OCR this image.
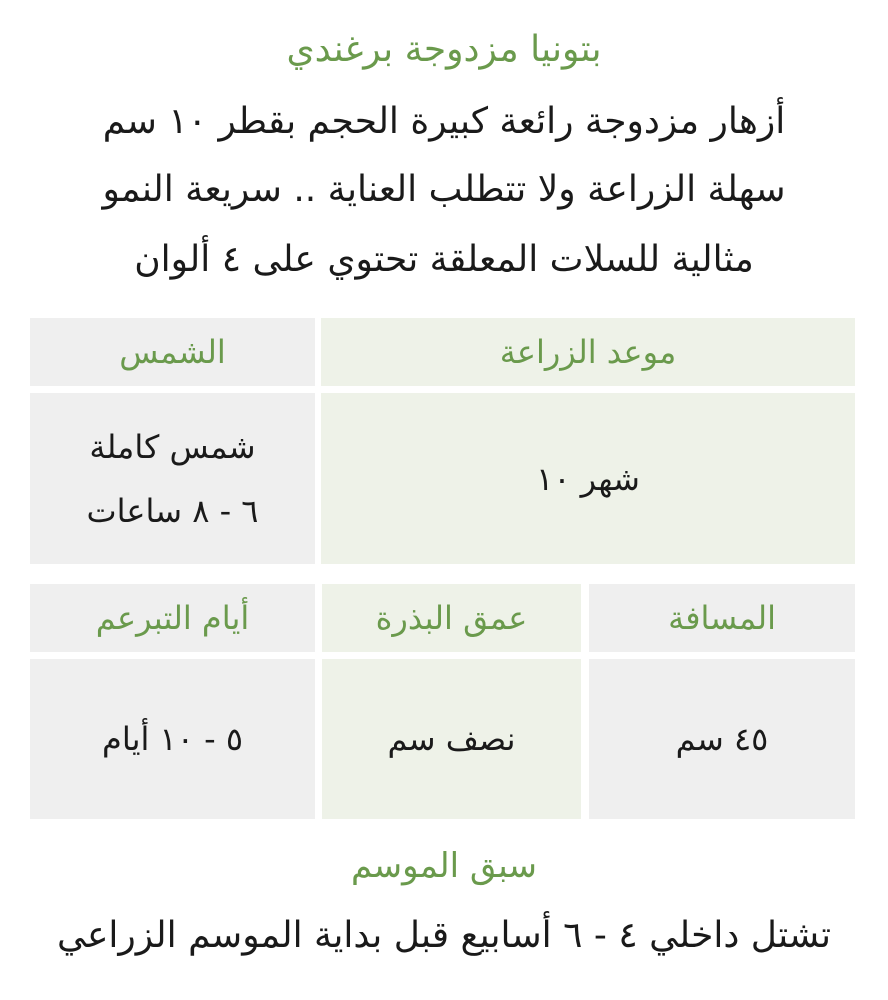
بتونيا مزدوجة برغندي
أزهار مزدوجة رائعة كبيرة الحجم بقطر ١٠ سم
سهلة الزراعة ولا تتطلب العناية .. سريعة النمو
مثالية للسلات المعلقة تحتوي على ٤ ألوان
موعد الزراعة
الشمس
شهر ١٠
شمس كاملة
٦ - ٨ ساعات
المسافة
عمق البذرة
أيام التبرعم
٤٥ سم
نصف سم
٥ - ١٠ أيام
سبق الموسم
تشتل داخلي ٤ - ٦ أسابيع قبل بداية الموسم الزراعي
